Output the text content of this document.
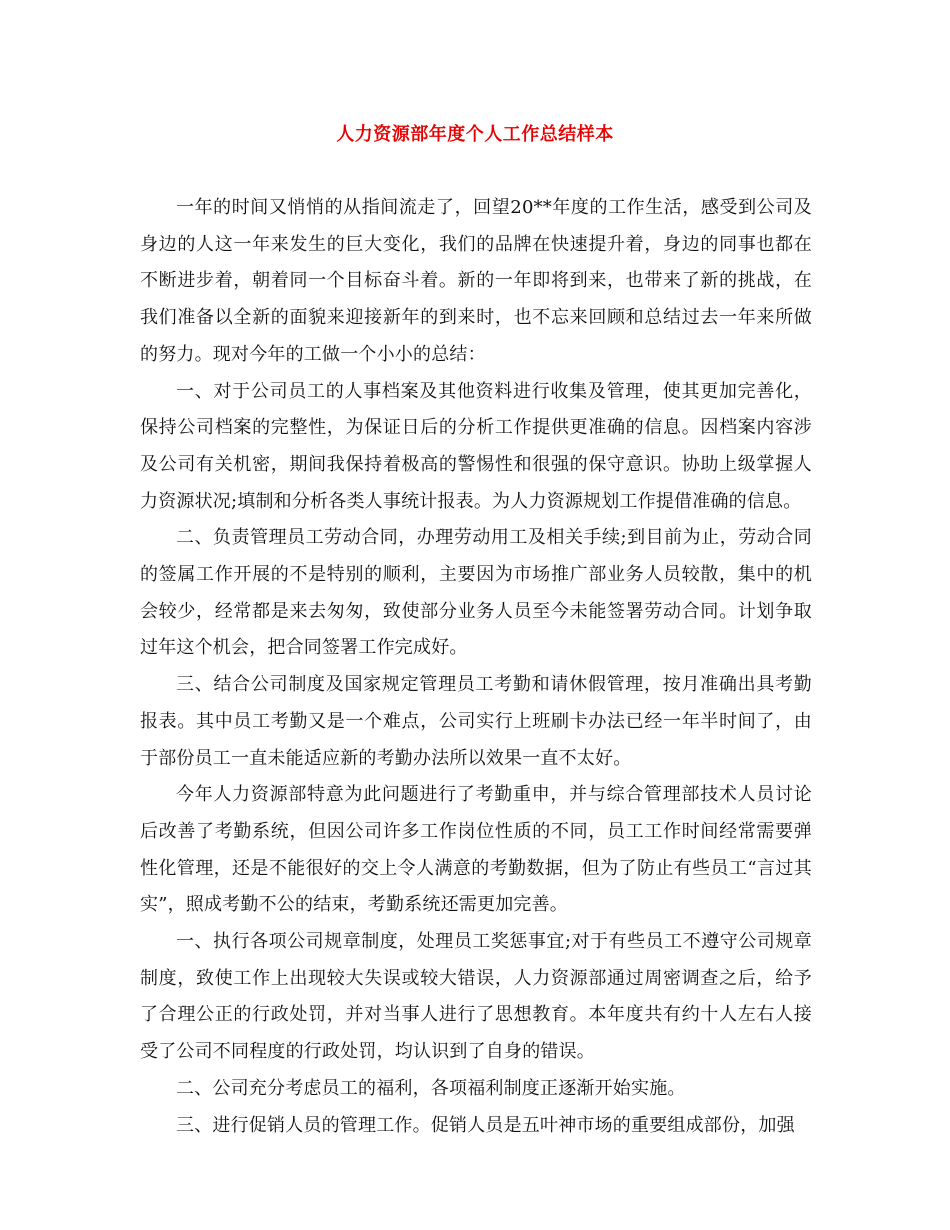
人力资源部年度个人工作总结样本

一年的时间又悄悄的从指间流走了，回望20**年度的工作生活，感受到公司及身边的人这一年来发生的巨大变化，我们的品牌在快速提升着，身边的同事也都在不断进步着，朝着同一个目标奋斗着。新的一年即将到来，也带来了新的挑战，在我们准备以全新的面貌来迎接新年的到来时，也不忘来回顾和总结过去一年来所做的努力。现对今年的工做一个小小的总结：

一、对于公司员工的人事档案及其他资料进行收集及管理，使其更加完善化，保持公司档案的完整性，为保证日后的分析工作提供更准确的信息。因档案内容涉及公司有关机密，期间我保持着极高的警惕性和很强的保守意识。协助上级掌握人力资源状况;填制和分析各类人事统计报表。为人力资源规划工作提借准确的信息。

二、负责管理员工劳动合同，办理劳动用工及相关手续;到目前为止，劳动合同的签属工作开展的不是特别的顺利，主要因为市场推广部业务人员较散，集中的机会较少，经常都是来去匆匆，致使部分业务人员至今未能签署劳动合同。计划争取过年这个机会，把合同签署工作完成好。

三、结合公司制度及国家规定管理员工考勤和请休假管理，按月准确出具考勤报表。其中员工考勤又是一个难点，公司实行上班刷卡办法已经一年半时间了，由于部份员工一直未能适应新的考勤办法所以效果一直不太好。

今年人力资源部特意为此问题进行了考勤重申，并与综合管理部技术人员讨论后改善了考勤系统，但因公司许多工作岗位性质的不同，员工工作时间经常需要弹性化管理，还是不能很好的交上令人满意的考勤数据，但为了防止有些员工“言过其实”，照成考勤不公的结束，考勤系统还需更加完善。

一、执行各项公司规章制度，处理员工奖惩事宜;对于有些员工不遵守公司规章制度，致使工作上出现较大失误或较大错误，人力资源部通过周密调查之后，给予了合理公正的行政处罚，并对当事人进行了思想教育。本年度共有约十人左右人接受了公司不同程度的行政处罚，均认识到了自身的错误。

二、公司充分考虑员工的福利，各项福利制度正逐渐开始实施。

三、进行促销人员的管理工作。促销人员是五叶神市场的重要组成部份，加强
